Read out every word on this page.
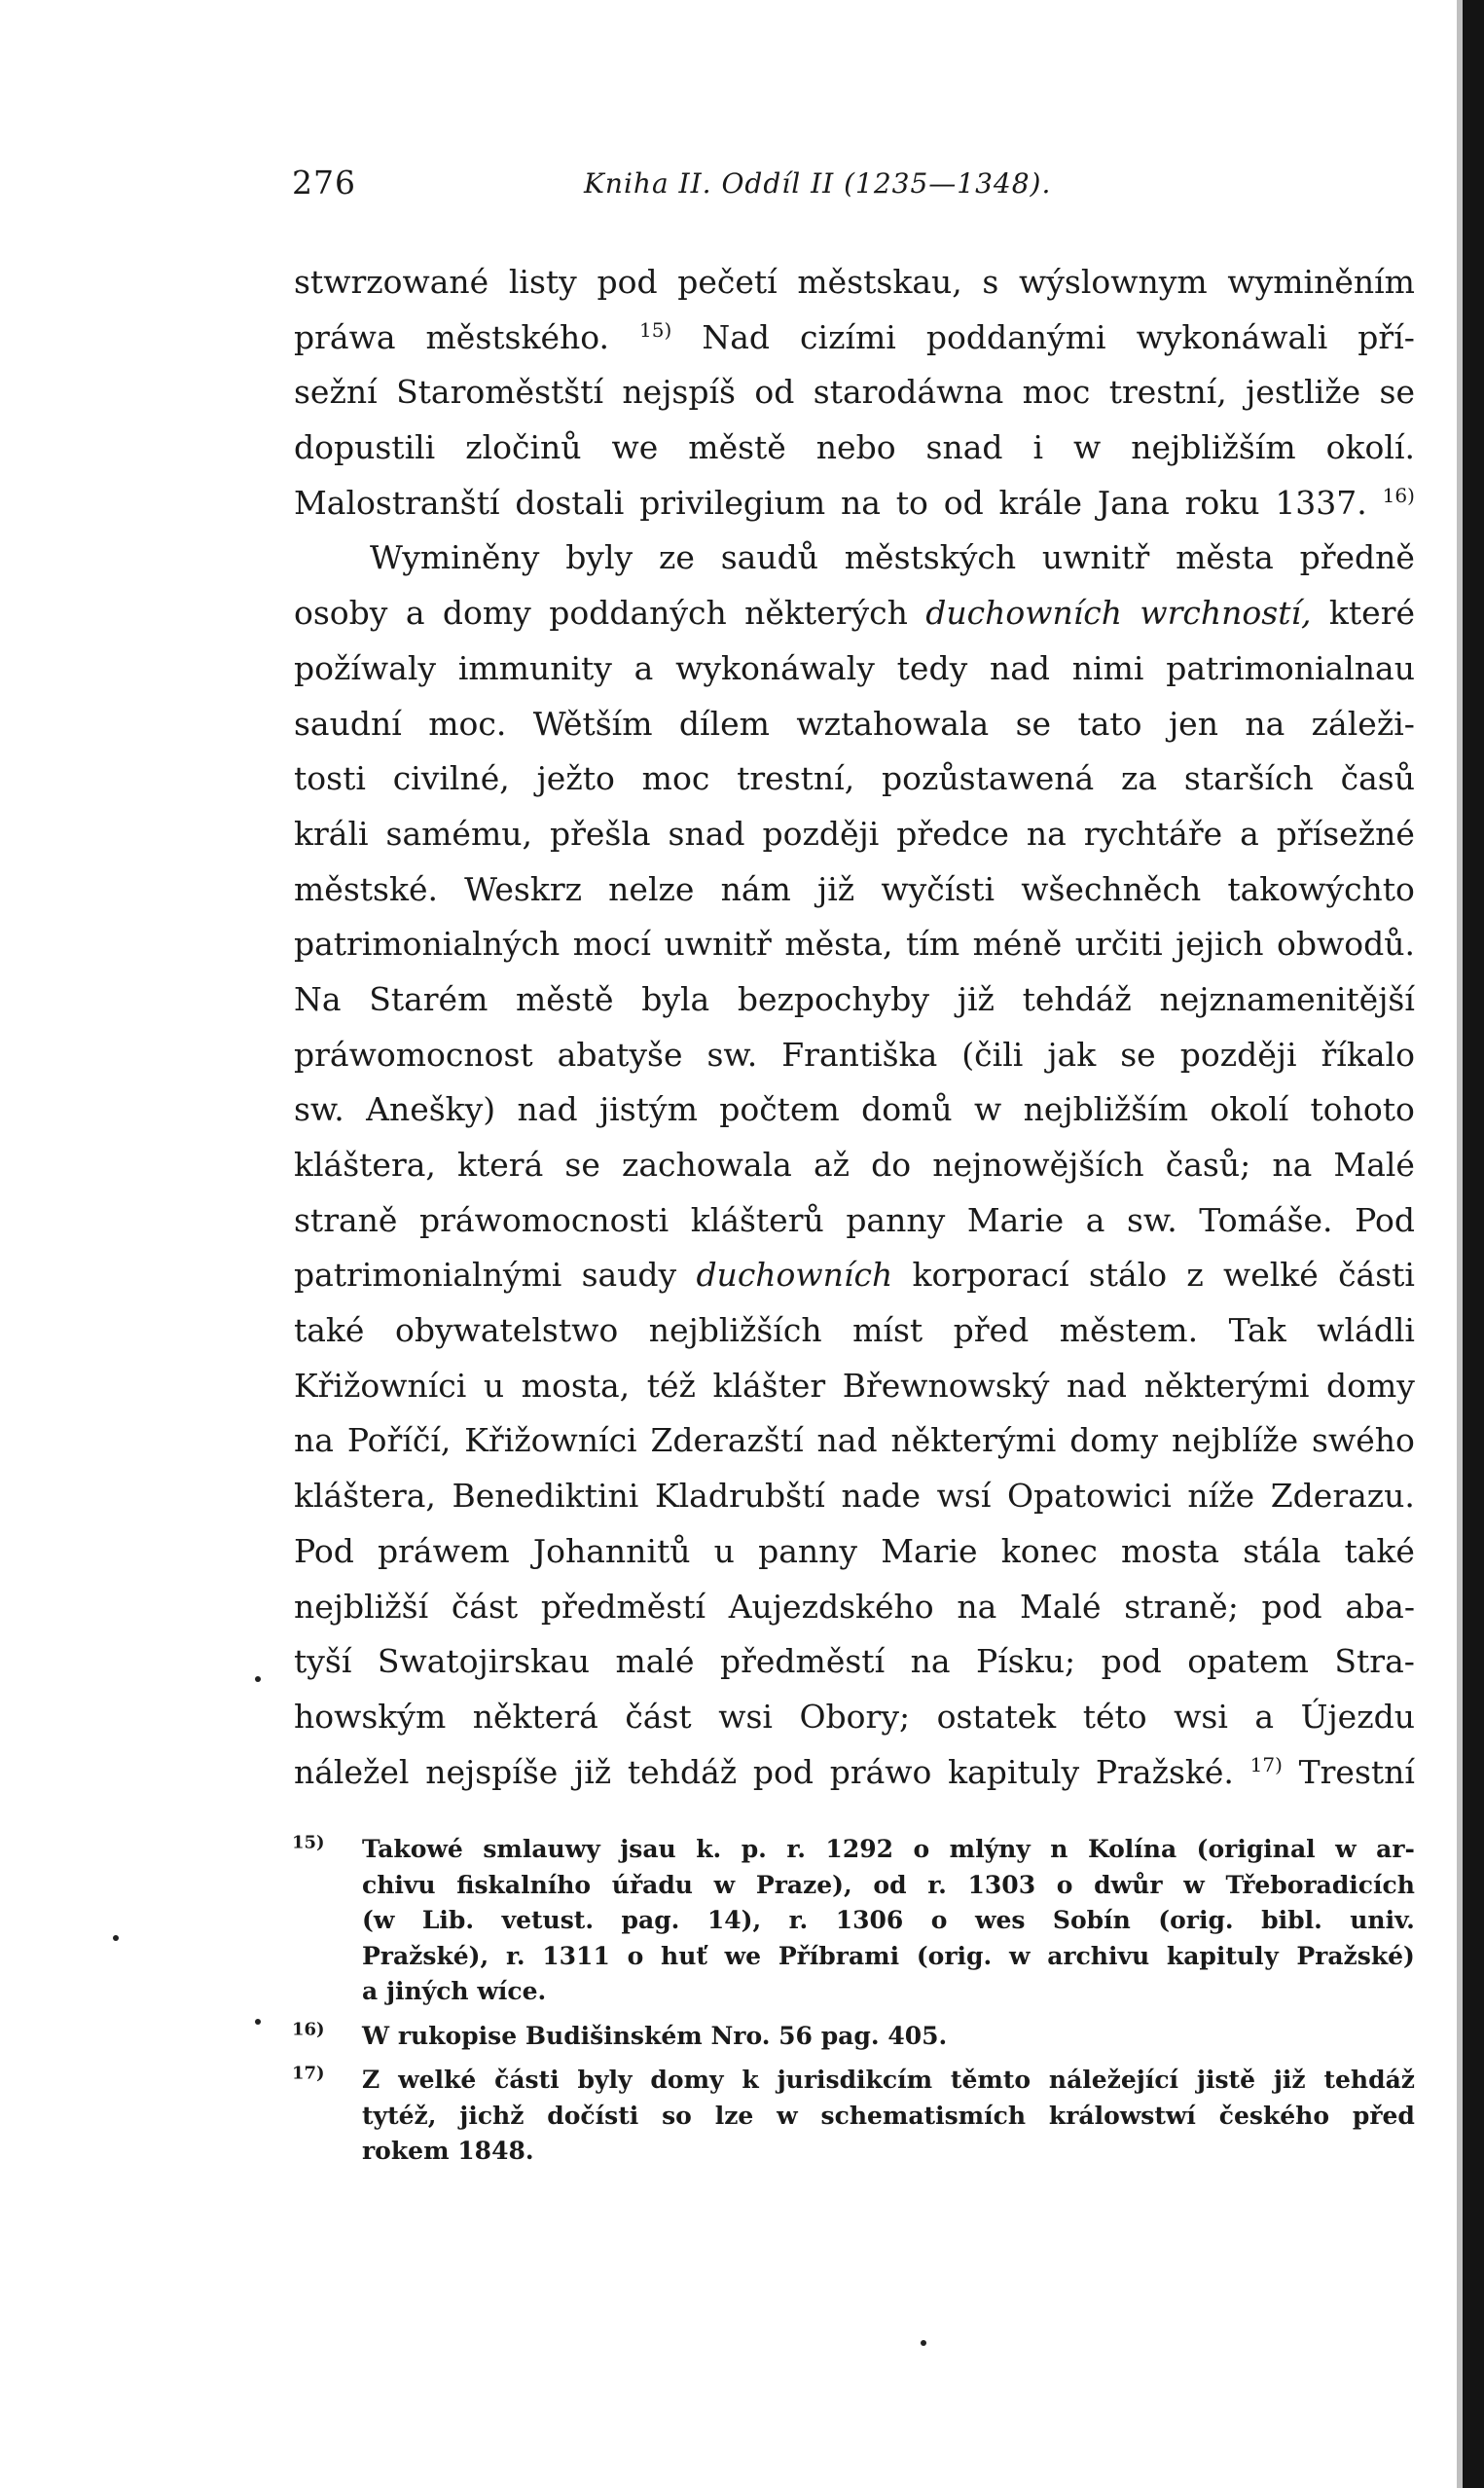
276	Kniha II. Oddíl II (1235—1348).
stwrzowané listy pod pečetí městskau, s wýslownym wyminěním
práwa městského. $^{15)}$ Nad cizími poddanými wykonáwali pří-
sežní Staroměstští nejspíš od starodáwna moc trestní, jestliže se
dopustili zločinů we městě nebo snad i w nejbližším okolí.
Malostranští dostali privilegium na to od krále Jana roku 1337. $^{16)}$
Wyminěny byly ze saudů městských uwnitř města předně
osoby a domy poddaných některých duchowních wrchností, které
požíwaly immunity a wykonáwaly tedy nad nimi patrimonialnau
saudní moc. Wětším dílem wztahowala se tato jen na záleži-
tosti civilné, ježto moc trestní, pozůstawená za starších časů
králi samému, přešla snad později předce na rychtáře a přísežné
městské. Weskrz nelze nám již wyčísti wšechněch takowýchto
patrimonialných mocí uwnitř města, tím méně určiti jejich obwodů.
Na Starém městě byla bezpochyby již tehdáž nejznamenitější
práwomocnost abatyše sw. Františka (čili jak se později říkalo
sw. Anešky) nad jistým počtem domů w nejbližším okolí tohoto
kláštera, která se zachowala až do nejnowějších časů; na Malé
straně práwomocnosti klášterů panny Marie a sw. Tomáše. Pod
patrimonialnými saudy duchowních korporací stálo z welké části
také obywatelstwo nejbližších míst před městem. Tak wládli
Křižowníci u mosta, též klášter Břewnowský nad některými domy
na Poříčí, Křižowníci Zderazští nad některými domy nejblíže swého
kláštera, Benediktini Kladrubští nade wsí Opatowici níže Zderazu.
Pod práwem Johannitů u panny Marie konec mosta stála také
nejbližší část předměstí Aujezdského na Malé straně; pod aba-
tyší Swatojirskau malé předměstí na Písku; pod opatem Stra-
howským některá část wsi Obory; ostatek této wsi a Újezdu
náležel nejspíše již tehdáž pod práwo kapituly Pražské. $^{17)}$ Trestní
$^{15)}$	Takowé smlauwy jsau k. p. r. 1292 o mlýny n Kolína (original w ar-
chivu fiskalního úřadu w Praze), od r. 1303 o dwůr w Třeboradicích
(w Lib. vetust. pag. 14), r. 1306 o wes Sobín (orig. bibl. univ.
Pražské), r. 1311 o huť we Příbrami (orig. w archivu kapitulу Pražské)
a jiných wíce.
$^{16)}$	W rukopise Budišinském Nro. 56 pag. 405.
$^{17)}$	Z welké části byly domy k jurisdikcím těmto náležející jistě již tehdáž
tytéž, jichž dočísti so lze w schematismích králowstwí českého před
rokem 1848.
